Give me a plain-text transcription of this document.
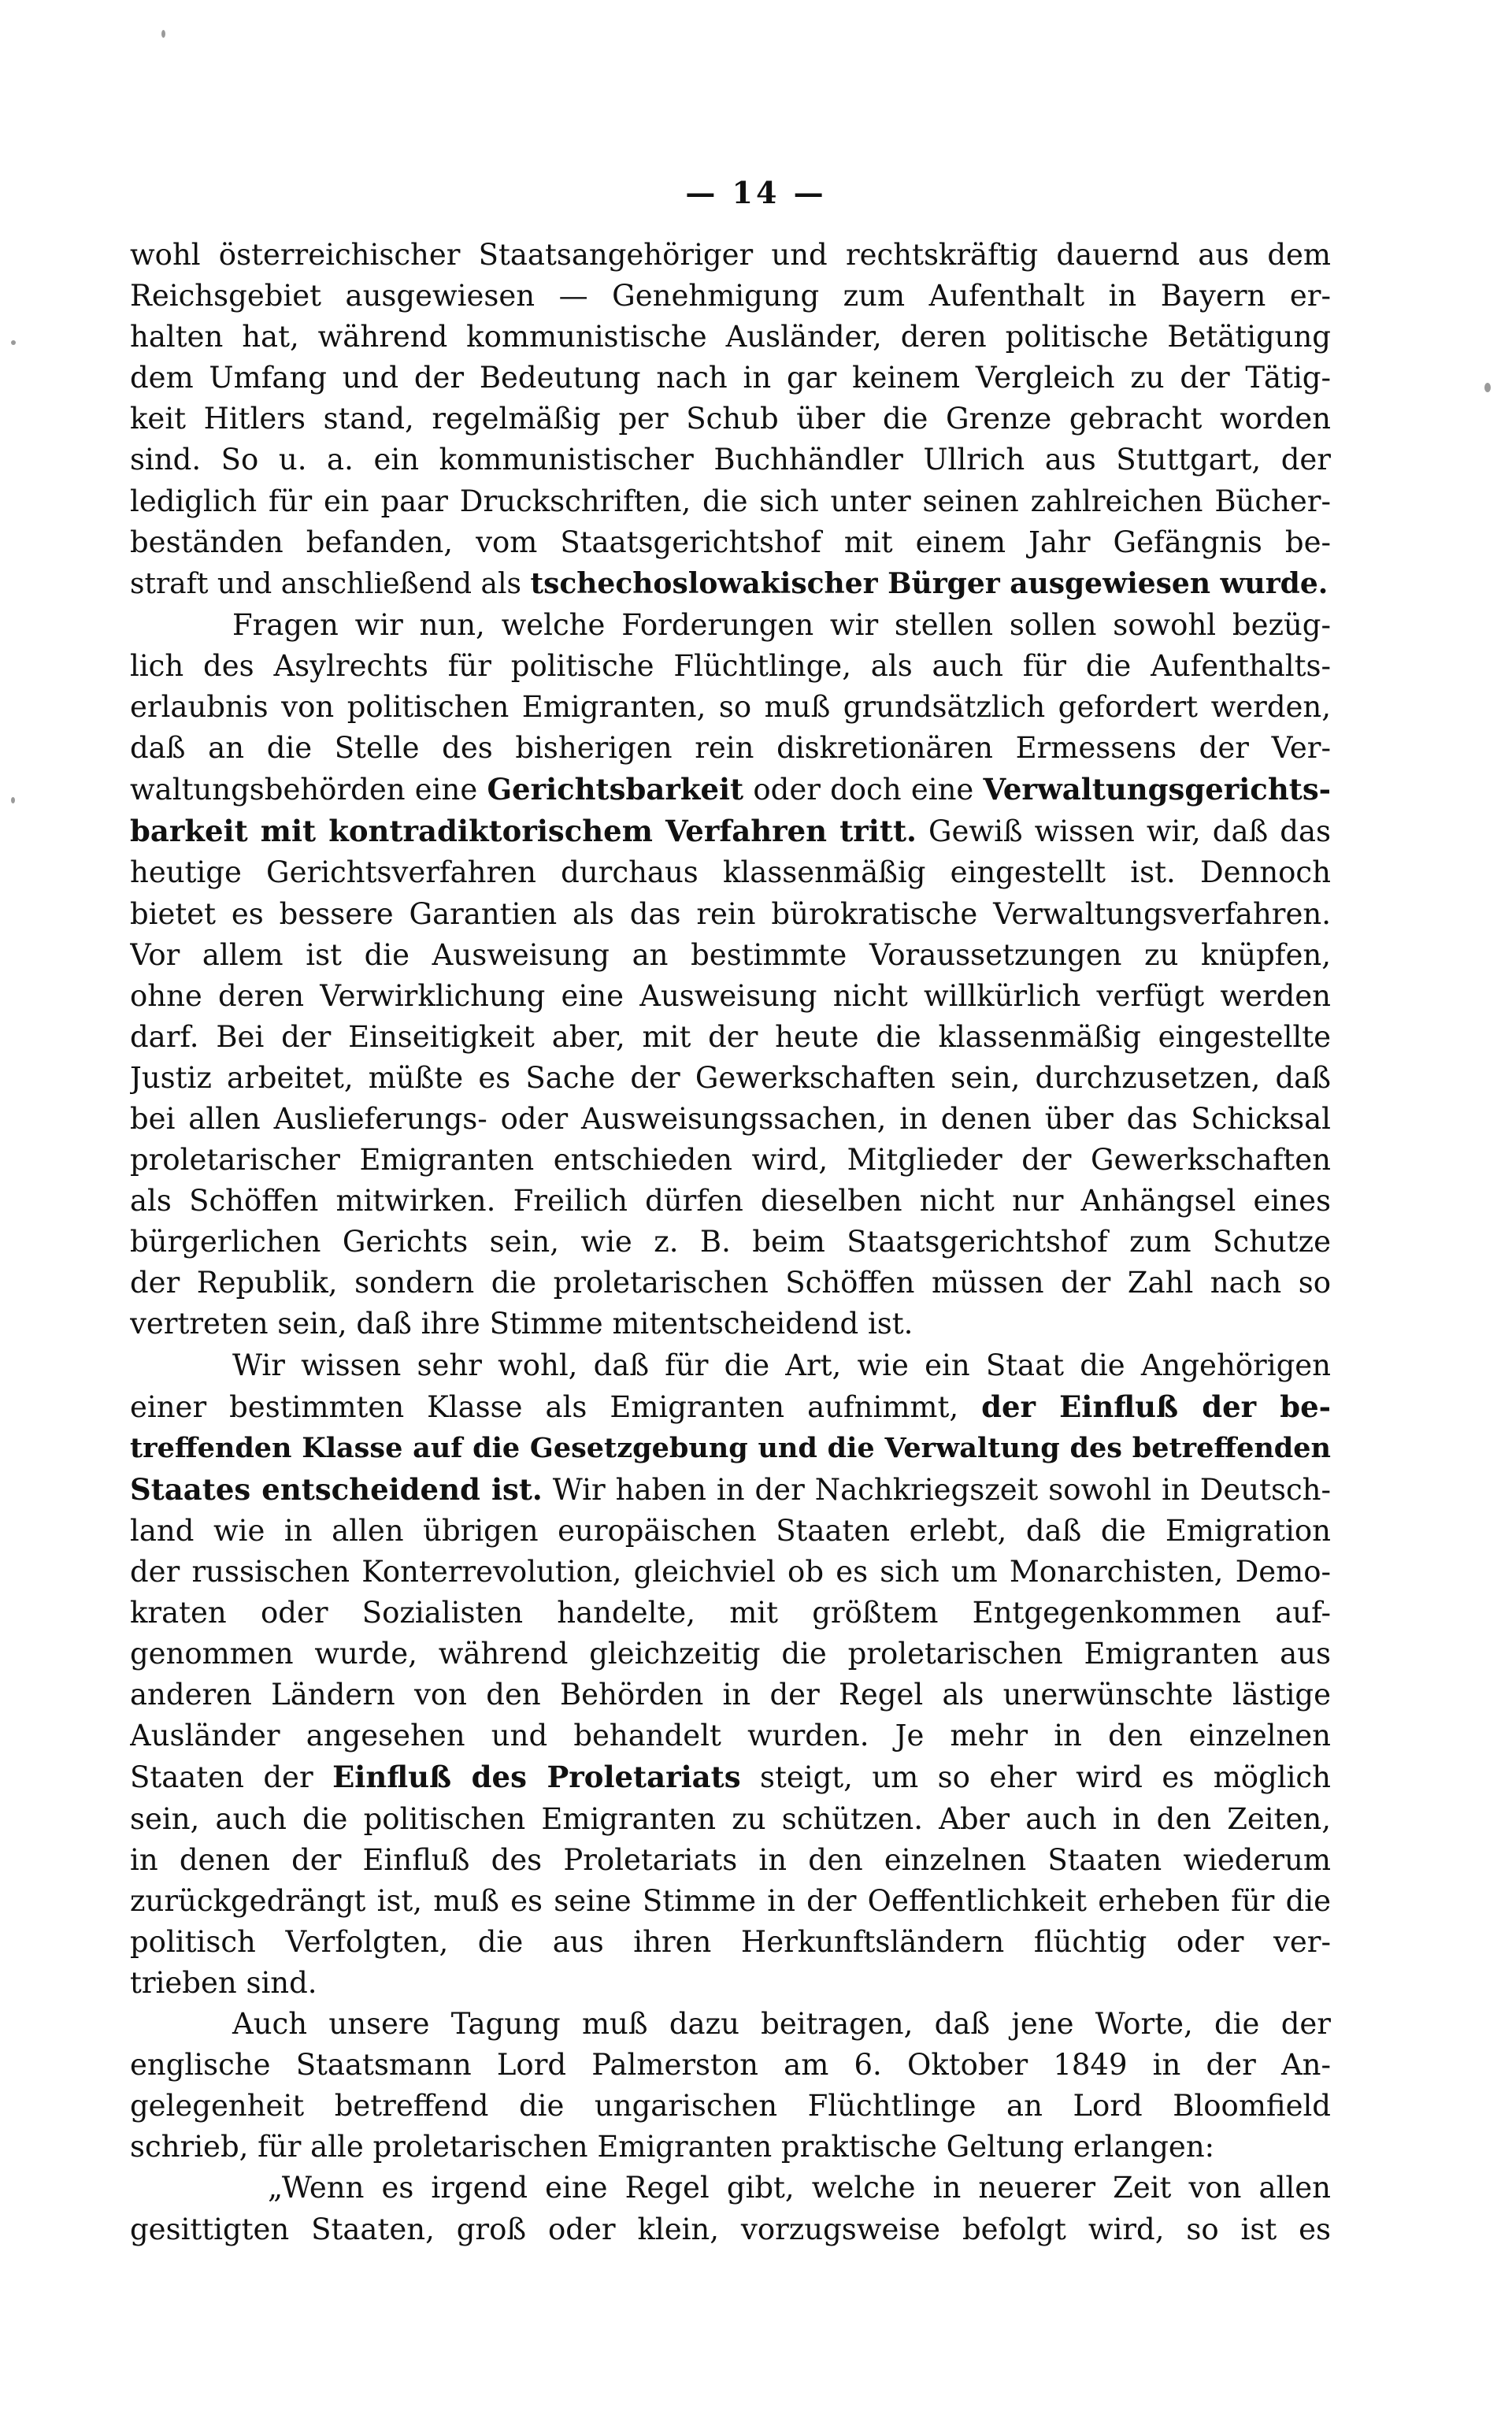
— 14 —
wohl österreichischer Staatsangehöriger und rechtskräftig dauernd aus dem
Reichsgebiet ausgewiesen — Genehmigung zum Aufenthalt in Bayern er-
halten hat, während kommunistische Ausländer, deren politische Betätigung
dem Umfang und der Bedeutung nach in gar keinem Vergleich zu der Tätig-
keit Hitlers stand, regelmäßig per Schub über die Grenze gebracht worden
sind. So u. a. ein kommunistischer Buchhändler Ullrich aus Stuttgart, der
lediglich für ein paar Druckschriften, die sich unter seinen zahlreichen Bücher-
beständen befanden, vom Staatsgerichtshof mit einem Jahr Gefängnis be-
straft und anschließend als tschechoslowakischer Bürger ausgewiesen wurde.
Fragen wir nun, welche Forderungen wir stellen sollen sowohl bezüg-
lich des Asylrechts für politische Flüchtlinge, als auch für die Aufenthalts-
erlaubnis von politischen Emigranten, so muß grundsätzlich gefordert werden,
daß an die Stelle des bisherigen rein diskretionären Ermessens der Ver-
waltungsbehörden eine Gerichtsbarkeit oder doch eine Verwaltungsgerichts-
barkeit mit kontradiktorischem Verfahren tritt. Gewiß wissen wir, daß das
heutige Gerichtsverfahren durchaus klassenmäßig eingestellt ist. Dennoch
bietet es bessere Garantien als das rein bürokratische Verwaltungsverfahren.
Vor allem ist die Ausweisung an bestimmte Voraussetzungen zu knüpfen,
ohne deren Verwirklichung eine Ausweisung nicht willkürlich verfügt werden
darf. Bei der Einseitigkeit aber, mit der heute die klassenmäßig eingestellte
Justiz arbeitet, müßte es Sache der Gewerkschaften sein, durchzusetzen, daß
bei allen Auslieferungs- oder Ausweisungssachen, in denen über das Schicksal
proletarischer Emigranten entschieden wird, Mitglieder der Gewerkschaften
als Schöffen mitwirken. Freilich dürfen dieselben nicht nur Anhängsel eines
bürgerlichen Gerichts sein, wie z. B. beim Staatsgerichtshof zum Schutze
der Republik, sondern die proletarischen Schöffen müssen der Zahl nach so
vertreten sein, daß ihre Stimme mitentscheidend ist.
Wir wissen sehr wohl, daß für die Art, wie ein Staat die Angehörigen
einer bestimmten Klasse als Emigranten aufnimmt, der Einfluß der be-
treffenden Klasse auf die Gesetzgebung und die Verwaltung des betreffenden
Staates entscheidend ist. Wir haben in der Nachkriegszeit sowohl in Deutsch-
land wie in allen übrigen europäischen Staaten erlebt, daß die Emigration
der russischen Konterrevolution, gleichviel ob es sich um Monarchisten, Demo-
kraten oder Sozialisten handelte, mit größtem Entgegenkommen auf-
genommen wurde, während gleichzeitig die proletarischen Emigranten aus
anderen Ländern von den Behörden in der Regel als unerwünschte lästige
Ausländer angesehen und behandelt wurden. Je mehr in den einzelnen
Staaten der Einfluß des Proletariats steigt, um so eher wird es möglich
sein, auch die politischen Emigranten zu schützen. Aber auch in den Zeiten,
in denen der Einfluß des Proletariats in den einzelnen Staaten wiederum
zurückgedrängt ist, muß es seine Stimme in der Oeffentlichkeit erheben für die
politisch Verfolgten, die aus ihren Herkunftsländern flüchtig oder ver-
trieben sind.
Auch unsere Tagung muß dazu beitragen, daß jene Worte, die der
englische Staatsmann Lord Palmerston am 6. Oktober 1849 in der An-
gelegenheit betreffend die ungarischen Flüchtlinge an Lord Bloomfield
schrieb, für alle proletarischen Emigranten praktische Geltung erlangen:
„Wenn es irgend eine Regel gibt, welche in neuerer Zeit von allen
gesittigten Staaten, groß oder klein, vorzugsweise befolgt wird, so ist es
